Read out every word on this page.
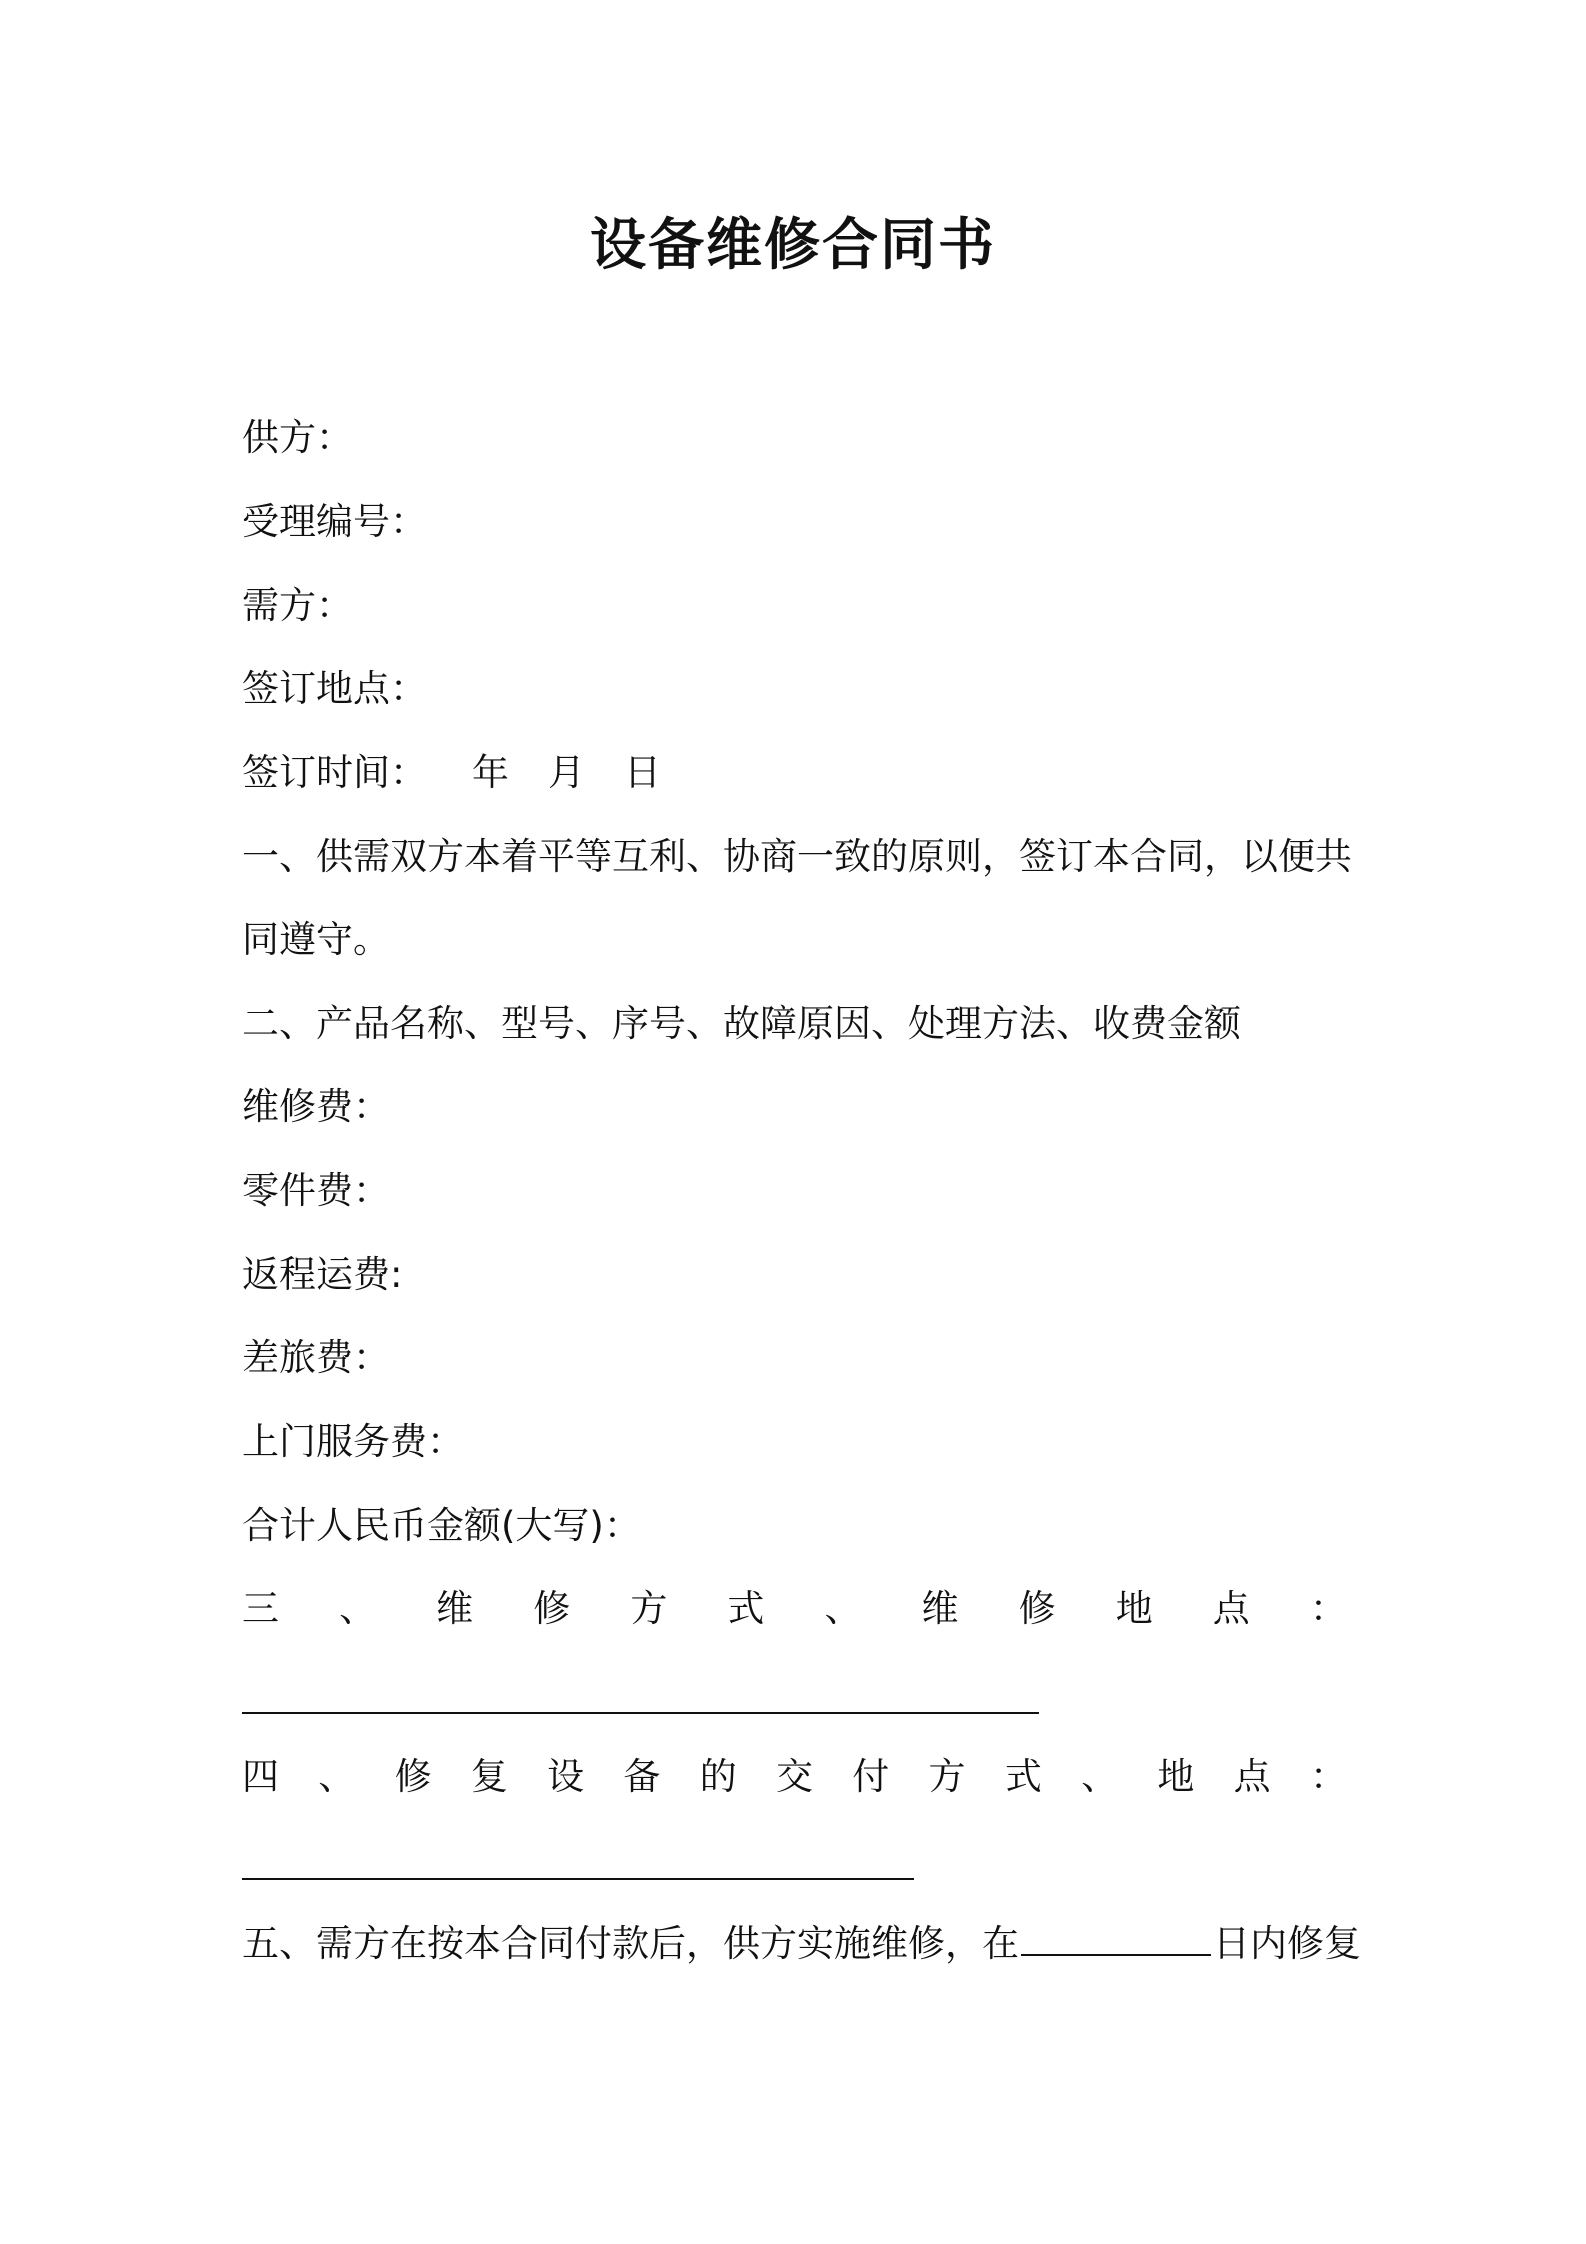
设备维修合同书
供方：
受理编号：
需方：
签订地点：
签订时间： 年 月 日
一、供需双方本着平等互利、协商一致的原则，签订本合同，以便共
同遵守。
二、产品名称、型号、序号、故障原因、处理方法、收费金额
维修费：
零件费：
返程运费:
差旅费：
上门服务费：
合计人民币金额(大写)：
三 、 维 修 方 式 、 维 修 地 点 ：
四 、 修 复 设 备 的 交 付 方 式 、 地 点 ：
五、需方在按本合同付款后，供方实施维修，在	日内修复
